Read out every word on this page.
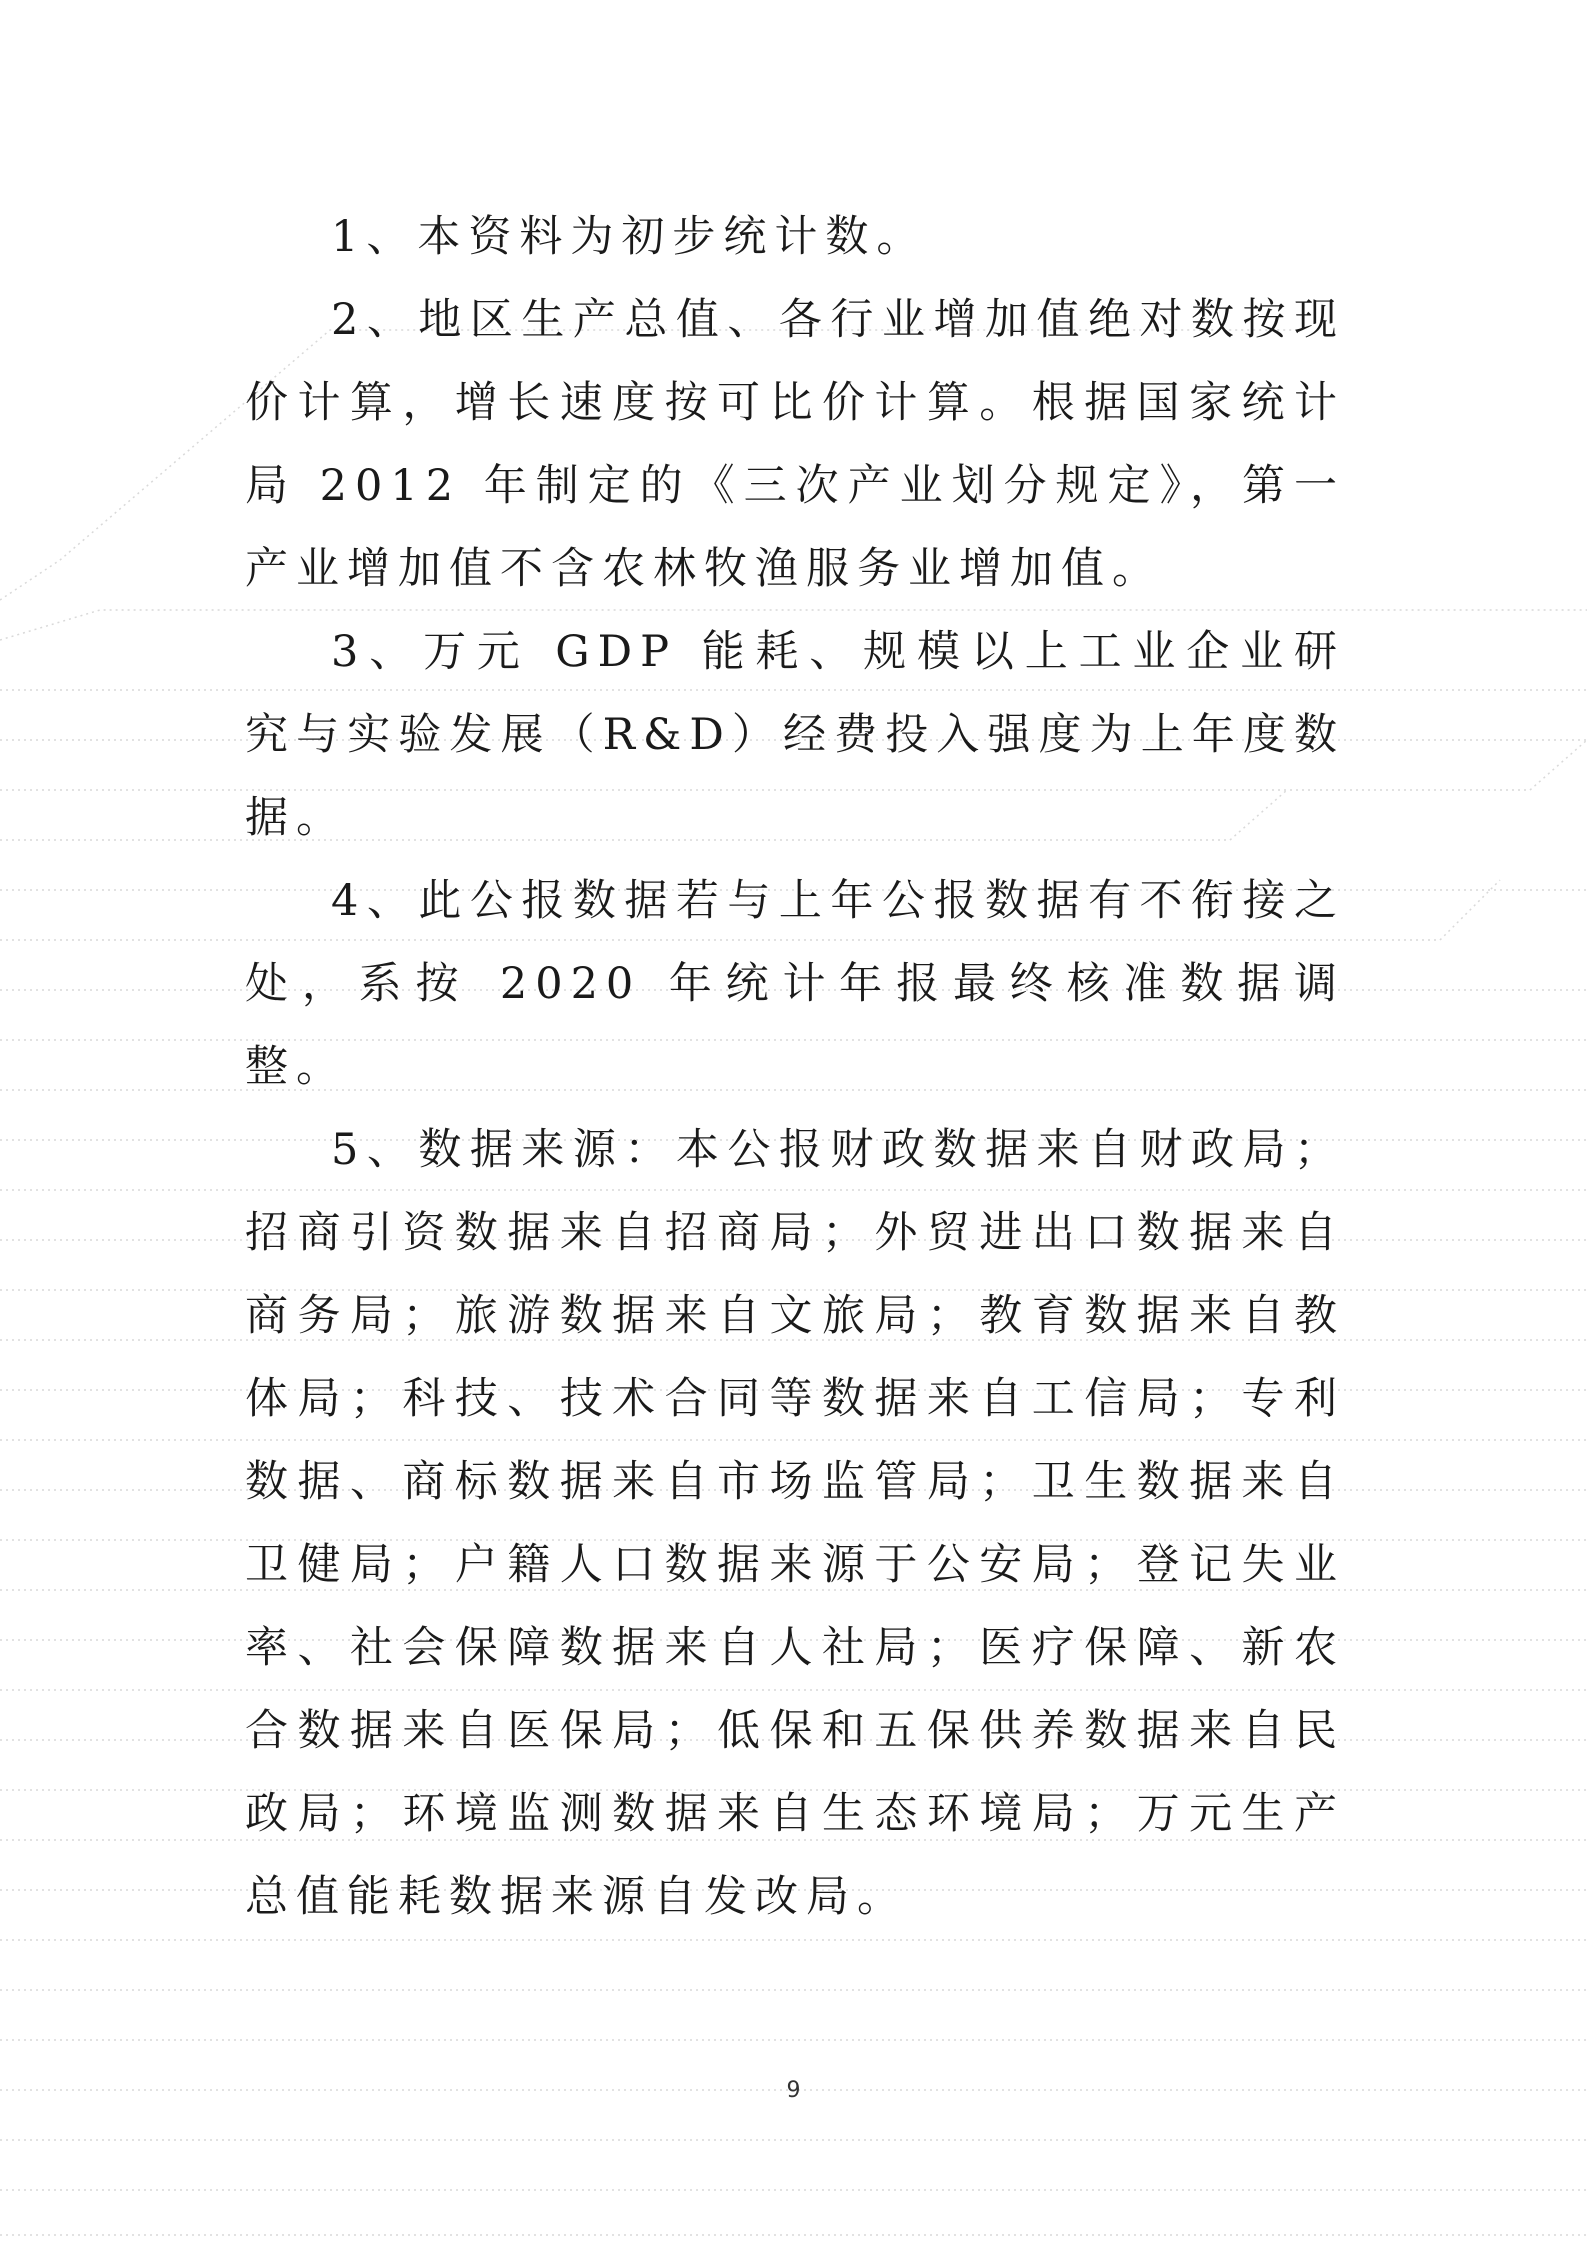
1、本资料为初步统计数。

2、地区生产总值、各行业增加值绝对数按现价计算，增长速度按可比价计算。根据国家统计局 2012 年制定的《三次产业划分规定》，第一产业增加值不含农林牧渔服务业增加值。

3、万元 GDP 能耗、规模以上工业企业研究与实验发展（R&D）经费投入强度为上年度数据。

4、此公报数据若与上年公报数据有不衔接之处，系按 2020 年统计年报最终核准数据调整。

5、数据来源：本公报财政数据来自财政局；招商引资数据来自招商局；外贸进出口数据来自商务局；旅游数据来自文旅局；教育数据来自教体局；科技、技术合同等数据来自工信局；专利数据、商标数据来自市场监管局；卫生数据来自卫健局；户籍人口数据来源于公安局；登记失业率、社会保障数据来自人社局；医疗保障、新农合数据来自医保局；低保和五保供养数据来自民政局；环境监测数据来自生态环境局；万元生产总值能耗数据来源自发改局。

9
